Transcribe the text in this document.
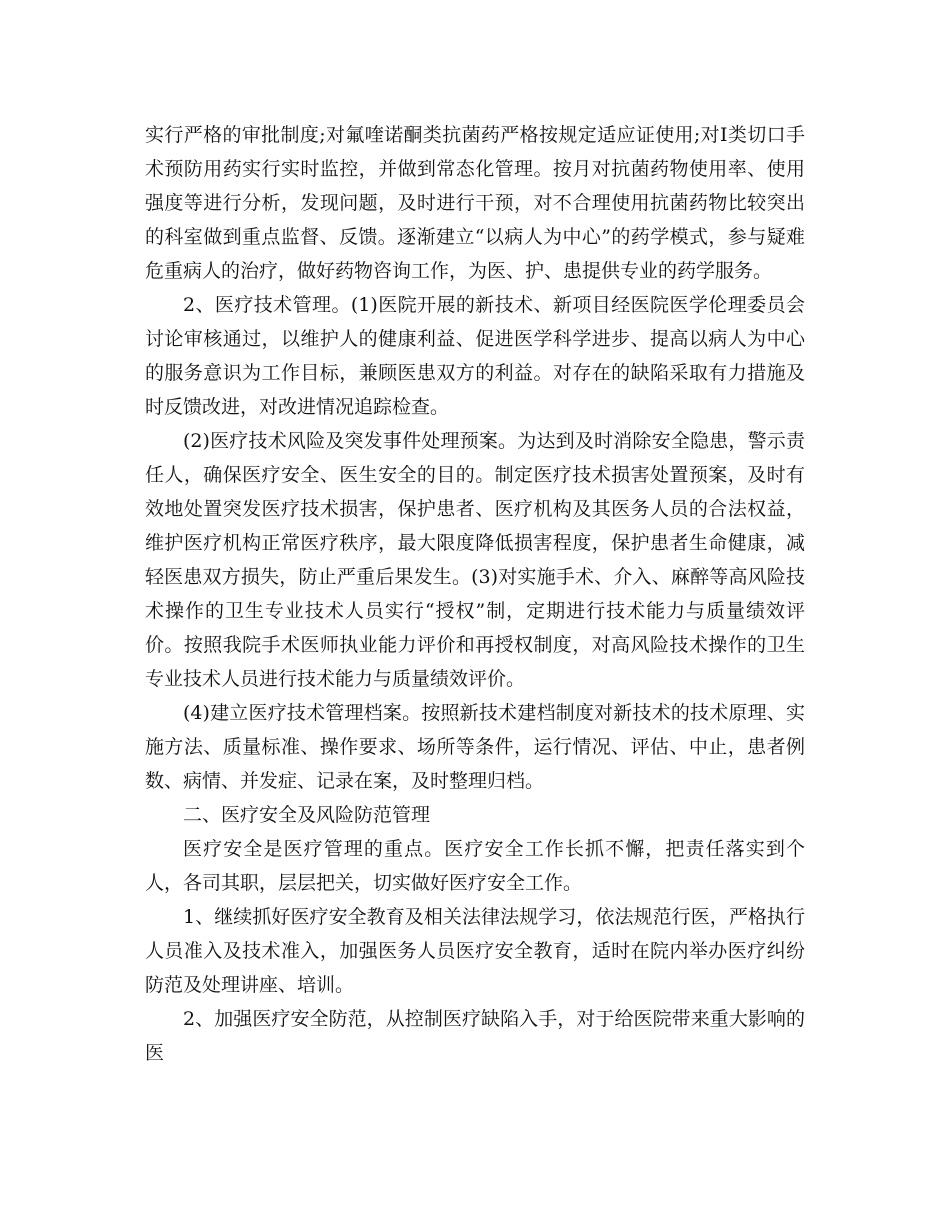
实行严格的审批制度;对氟喹诺酮类抗菌药严格按规定适应证使用;对Ⅰ类切口手术预防用药实行实时监控，并做到常态化管理。按月对抗菌药物使用率、使用强度等进行分析，发现问题，及时进行干预，对不合理使用抗菌药物比较突出的科室做到重点监督、反馈。逐渐建立“以病人为中心”的药学模式，参与疑难危重病人的治疗，做好药物咨询工作，为医、护、患提供专业的药学服务。

2、医疗技术管理。(1)医院开展的新技术、新项目经医院医学伦理委员会讨论审核通过，以维护人的健康利益、促进医学科学进步、提高以病人为中心的服务意识为工作目标，兼顾医患双方的利益。对存在的缺陷采取有力措施及时反馈改进，对改进情况追踪检查。

(2)医疗技术风险及突发事件处理预案。为达到及时消除安全隐患，警示责任人，确保医疗安全、医生安全的目的。制定医疗技术损害处置预案，及时有效地处置突发医疗技术损害，保护患者、医疗机构及其医务人员的合法权益，维护医疗机构正常医疗秩序，最大限度降低损害程度，保护患者生命健康，减轻医患双方损失，防止严重后果发生。(3)对实施手术、介入、麻醉等高风险技术操作的卫生专业技术人员实行“授权”制，定期进行技术能力与质量绩效评价。按照我院手术医师执业能力评价和再授权制度，对高风险技术操作的卫生专业技术人员进行技术能力与质量绩效评价。

(4)建立医疗技术管理档案。按照新技术建档制度对新技术的技术原理、实施方法、质量标准、操作要求、场所等条件，运行情况、评估、中止，患者例数、病情、并发症、记录在案，及时整理归档。

二、医疗安全及风险防范管理

医疗安全是医疗管理的重点。医疗安全工作长抓不懈，把责任落实到个人，各司其职，层层把关，切实做好医疗安全工作。

1、继续抓好医疗安全教育及相关法律法规学习，依法规范行医，严格执行人员准入及技术准入，加强医务人员医疗安全教育，适时在院内举办医疗纠纷防范及处理讲座、培训。

2、加强医疗安全防范，从控制医疗缺陷入手，对于给医院带来重大影响的医
